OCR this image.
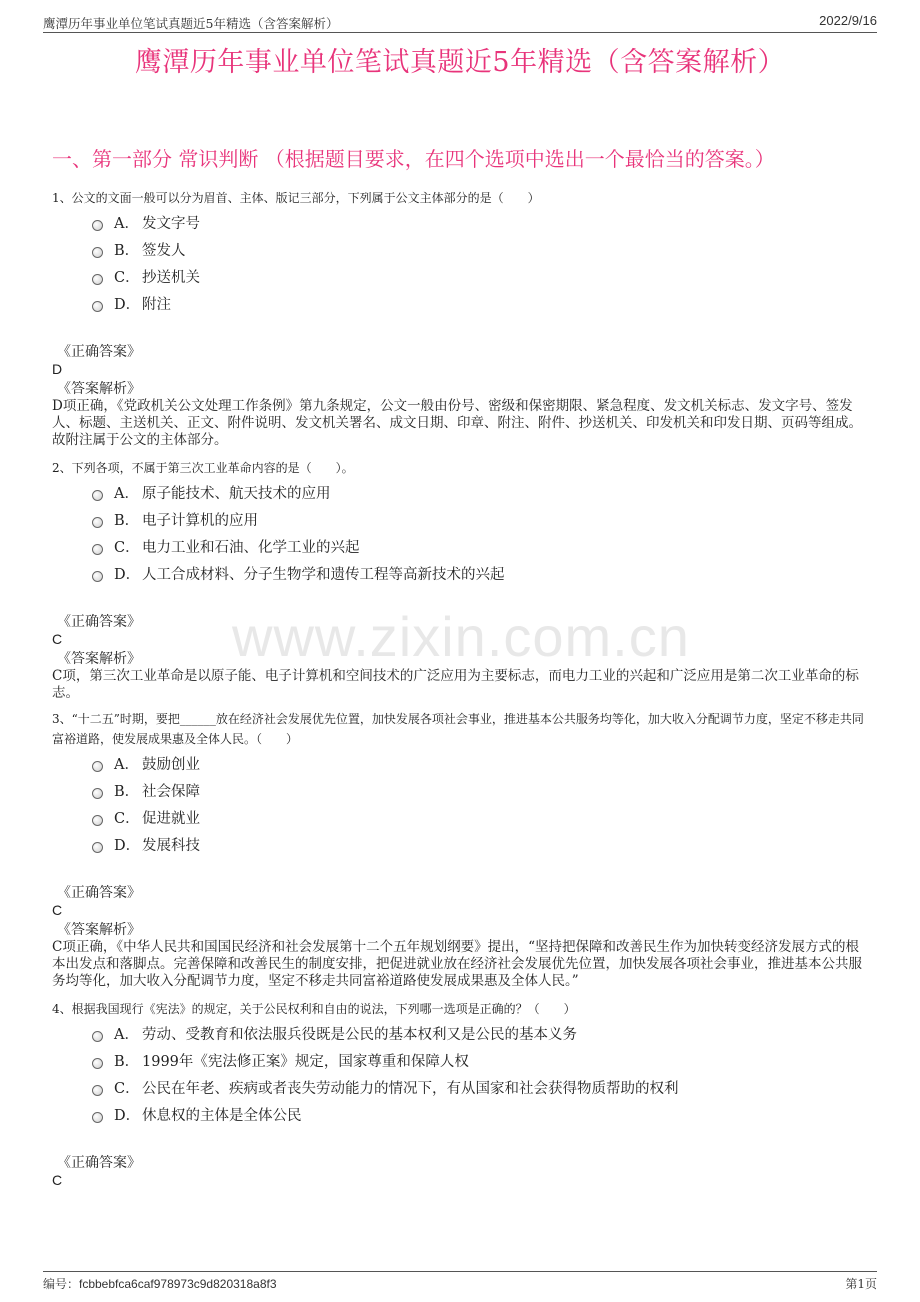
鹰潭历年事业单位笔试真题近5年精选（含答案解析）	2022/9/16
鹰潭历年事业单位笔试真题近5年精选（含答案解析）
一、第一部分 常识判断 （根据题目要求，在四个选项中选出一个最恰当的答案。）
www.zixin.com.cn

1、公文的文面一般可以分为眉首、主体、版记三部分，下列属于公文主体部分的是（　　）

A． 发文字号
B． 签发人
C． 抄送机关
D． 附注
《正确答案》
D
《答案解析》
D项正确，《党政机关公文处理工作条例》第九条规定，公文一般由份号、密级和保密期限、紧急程度、发文机关标志、发文字号、签发人、标题、主送机关、正文、附件说明、发文机关署名、成文日期、印章、附注、附件、抄送机关、印发机关和印发日期、页码等组成。故附注属于公文的主体部分。

2、下列各项，不属于第三次工业革命内容的是（　　）。

A． 原子能技术、航天技术的应用
B． 电子计算机的应用
C． 电力工业和石油、化学工业的兴起
D． 人工合成材料、分子生物学和遗传工程等高新技术的兴起
《正确答案》
C
《答案解析》
C项，第三次工业革命是以原子能、电子计算机和空间技术的广泛应用为主要标志，而电力工业的兴起和广泛应用是第二次工业革命的标志。

3、“十二五”时期，要把______放在经济社会发展优先位置，加快发展各项社会事业，推进基本公共服务均等化，加大收入分配调节力度，坚定不移走共同富裕道路，使发展成果惠及全体人民。（　　）

A． 鼓励创业
B． 社会保障
C． 促进就业
D． 发展科技
《正确答案》
C
《答案解析》
C项正确，《中华人民共和国国民经济和社会发展第十二个五年规划纲要》提出，“坚持把保障和改善民生作为加快转变经济发展方式的根本出发点和落脚点。完善保障和改善民生的制度安排，把促进就业放在经济社会发展优先位置，加快发展各项社会事业，推进基本公共服务均等化，加大收入分配调节力度，坚定不移走共同富裕道路使发展成果惠及全体人民。”

4、根据我国现行《宪法》的规定，关于公民权利和自由的说法，下列哪一选项是正确的？（　　）

A． 劳动、受教育和依法服兵役既是公民的基本权利又是公民的基本义务
B． 1999年《宪法修正案》规定，国家尊重和保障人权
C． 公民在年老、疾病或者丧失劳动能力的情况下，有从国家和社会获得物质帮助的权利
D． 休息权的主体是全体公民
《正确答案》
C
编号：fcbbebfca6caf978973c9d820318a8f3	第1页
